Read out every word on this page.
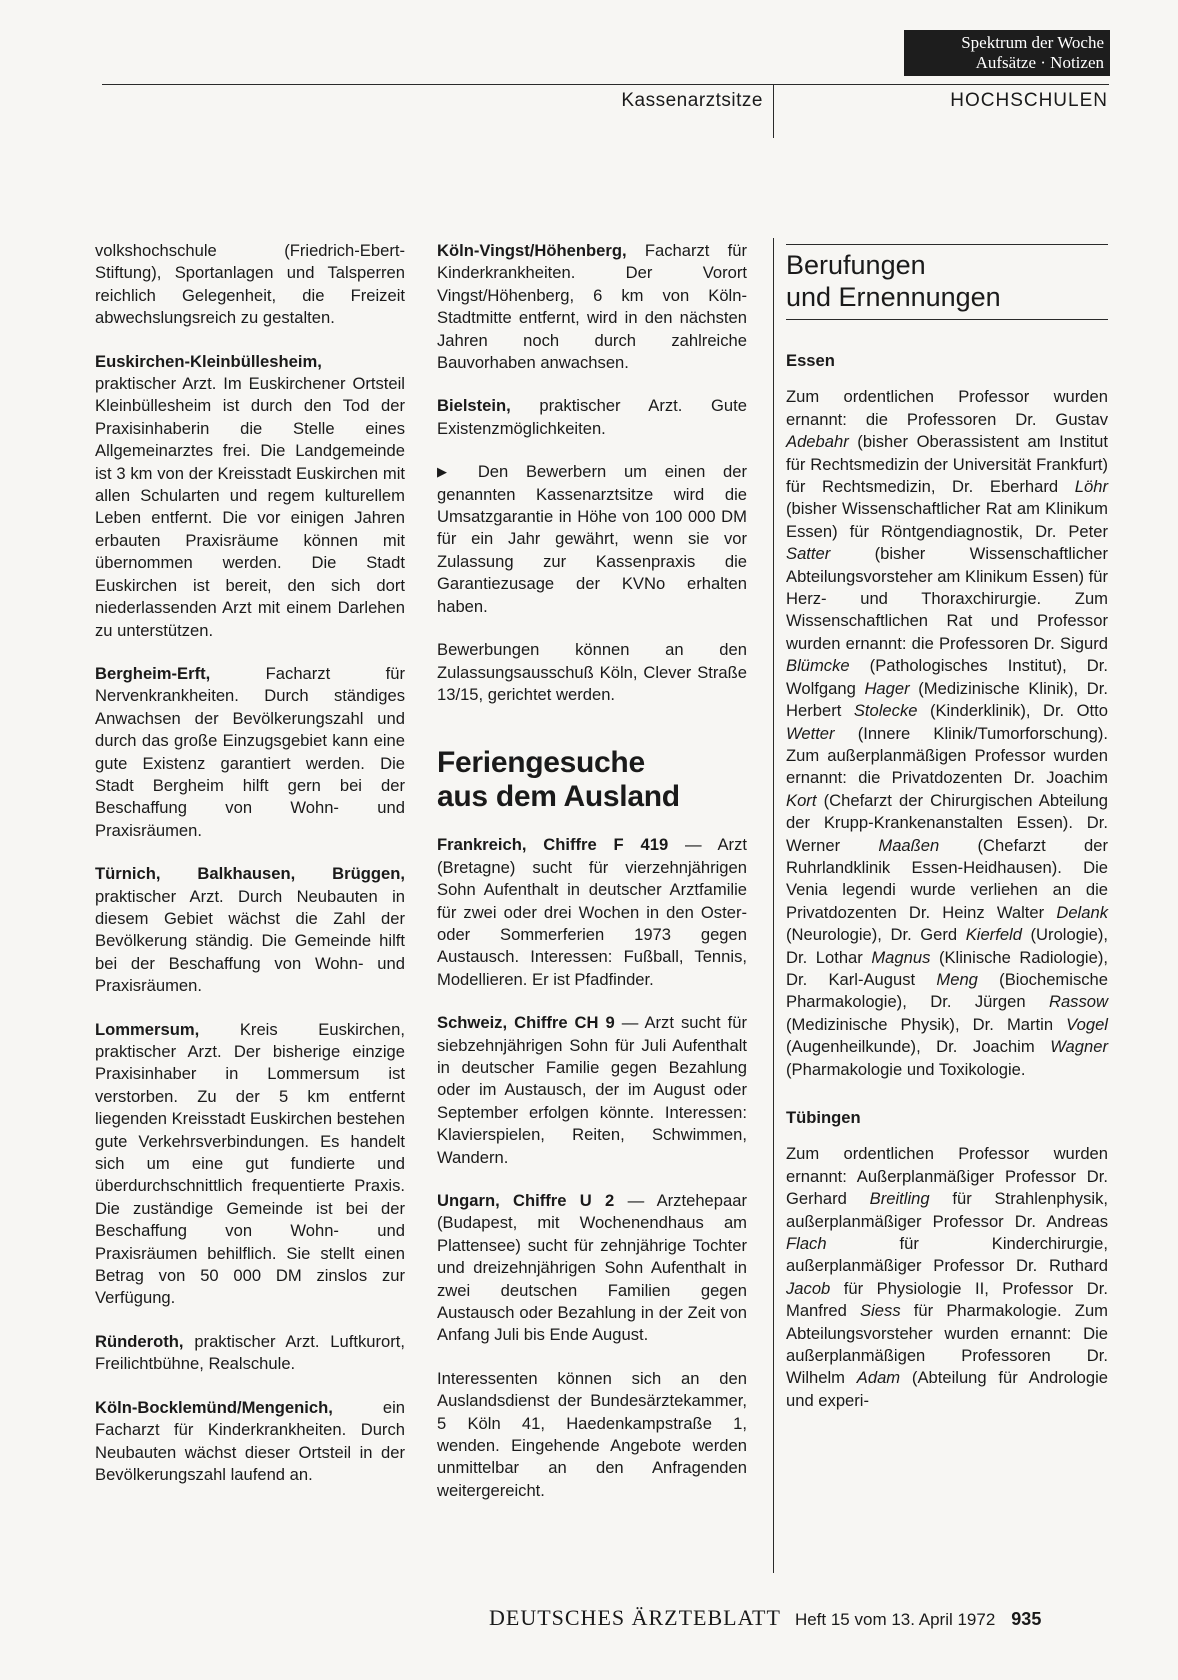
Spektrum der Woche
Aufsätze · Notizen
Kassenarztsitze	HOCHSCHULEN

volkshochschule (Friedrich-Ebert-Stiftung), Sportanlagen und Talsperren reichlich Gelegenheit, die Freizeit abwechslungsreich zu gestalten.

Euskirchen-Kleinbüllesheim, praktischer Arzt. Im Euskirchener Ortsteil Kleinbüllesheim ist durch den Tod der Praxisinhaberin die Stelle eines Allgemeinarztes frei. Die Landgemeinde ist 3 km von der Kreisstadt Euskirchen mit allen Schularten und regem kulturellem Leben entfernt. Die vor einigen Jahren erbauten Praxisräume können mit übernommen werden. Die Stadt Euskirchen ist bereit, den sich dort niederlassenden Arzt mit einem Darlehen zu unterstützen.

Bergheim-Erft, Facharzt für Nervenkrankheiten. Durch ständiges Anwachsen der Bevölkerungszahl und durch das große Einzugsgebiet kann eine gute Existenz garantiert werden. Die Stadt Bergheim hilft gern bei der Beschaffung von Wohn- und Praxisräumen.

Türnich, Balkhausen, Brüggen, praktischer Arzt. Durch Neubauten in diesem Gebiet wächst die Zahl der Bevölkerung ständig. Die Gemeinde hilft bei der Beschaffung von Wohn- und Praxisräumen.

Lommersum, Kreis Euskirchen, praktischer Arzt. Der bisherige einzige Praxisinhaber in Lommersum ist verstorben. Zu der 5 km entfernt liegenden Kreisstadt Euskirchen bestehen gute Verkehrsverbindungen. Es handelt sich um eine gut fundierte und überdurchschnittlich frequentierte Praxis. Die zuständige Gemeinde ist bei der Beschaffung von Wohn- und Praxisräumen behilflich. Sie stellt einen Betrag von 50 000 DM zinslos zur Verfügung.

Ründeroth, praktischer Arzt. Luftkurort, Freilichtbühne, Realschule.

Köln-Bocklemünd/Mengenich, ein Facharzt für Kinderkrankheiten. Durch Neubauten wächst dieser Ortsteil in der Bevölkerungszahl laufend an.

Köln-Vingst/Höhenberg, Facharzt für Kinderkrankheiten. Der Vorort Vingst/Höhenberg, 6 km von Köln-Stadtmitte entfernt, wird in den nächsten Jahren noch durch zahlreiche Bauvorhaben anwachsen.

Bielstein, praktischer Arzt. Gute Existenzmöglichkeiten.

▶ Den Bewerbern um einen der genannten Kassenarztsitze wird die Umsatzgarantie in Höhe von 100 000 DM für ein Jahr gewährt, wenn sie vor Zulassung zur Kassenpraxis die Garantiezusage der KVNo erhalten haben.

Bewerbungen können an den Zulassungsausschuß Köln, Clever Straße 13/15, gerichtet werden.

Feriengesuche
aus dem Ausland

Frankreich, Chiffre F 419 — Arzt (Bretagne) sucht für vierzehnjährigen Sohn Aufenthalt in deutscher Arztfamilie für zwei oder drei Wochen in den Oster- oder Sommerferien 1973 gegen Austausch. Interessen: Fußball, Tennis, Modellieren. Er ist Pfadfinder.

Schweiz, Chiffre CH 9 — Arzt sucht für siebzehnjährigen Sohn für Juli Aufenthalt in deutscher Familie gegen Bezahlung oder im Austausch, der im August oder September erfolgen könnte. Interessen: Klavierspielen, Reiten, Schwimmen, Wandern.

Ungarn, Chiffre U 2 — Arztehepaar (Budapest, mit Wochenendhaus am Plattensee) sucht für zehnjährige Tochter und dreizehnjährigen Sohn Aufenthalt in zwei deutschen Familien gegen Austausch oder Bezahlung in der Zeit von Anfang Juli bis Ende August.

Interessenten können sich an den Auslandsdienst der Bundesärztekammer, 5 Köln 41, Haedenkampstraße 1, wenden. Eingehende Angebote werden unmittelbar an den Anfragenden weitergereicht.

Berufungen
und Ernennungen
Essen

Zum ordentlichen Professor wurden ernannt: die Professoren Dr. Gustav Adebahr (bisher Oberassistent am Institut für Rechtsmedizin der Universität Frankfurt) für Rechtsmedizin, Dr. Eberhard Löhr (bisher Wissenschaftlicher Rat am Klinikum Essen) für Röntgendiagnostik, Dr. Peter Satter (bisher Wissenschaftlicher Abteilungsvorsteher am Klinikum Essen) für Herz- und Thoraxchirurgie. Zum Wissenschaftlichen Rat und Professor wurden ernannt: die Professoren Dr. Sigurd Blümcke (Pathologisches Institut), Dr. Wolfgang Hager (Medizinische Klinik), Dr. Herbert Stolecke (Kinderklinik), Dr. Otto Wetter (Innere Klinik/Tumorforschung). Zum außerplanmäßigen Professor wurden ernannt: die Privatdozenten Dr. Joachim Kort (Chefarzt der Chirurgischen Abteilung der Krupp-Krankenanstalten Essen). Dr. Werner Maaßen (Chefarzt der Ruhrlandklinik Essen-Heidhausen). Die Venia legendi wurde verliehen an die Privatdozenten Dr. Heinz Walter Delank (Neurologie), Dr. Gerd Kierfeld (Urologie), Dr. Lothar Magnus (Klinische Radiologie), Dr. Karl-August Meng (Biochemische Pharmakologie), Dr. Jürgen Rassow (Medizinische Physik), Dr. Martin Vogel (Augenheilkunde), Dr. Joachim Wagner (Pharmakologie und Toxikologie.

Tübingen

Zum ordentlichen Professor wurden ernannt: Außerplanmäßiger Professor Dr. Gerhard Breitling für Strahlenphysik, außerplanmäßiger Professor Dr. Andreas Flach für Kinderchirurgie, außerplanmäßiger Professor Dr. Ruthard Jacob für Physiologie II, Professor Dr. Manfred Siess für Pharmakologie. Zum Abteilungsvorsteher wurden ernannt: Die außerplanmäßigen Professoren Dr. Wilhelm Adam (Abteilung für Andrologie und experi-

DEUTSCHES ÄRZTEBLATT Heft 15 vom 13. April 1972 935
